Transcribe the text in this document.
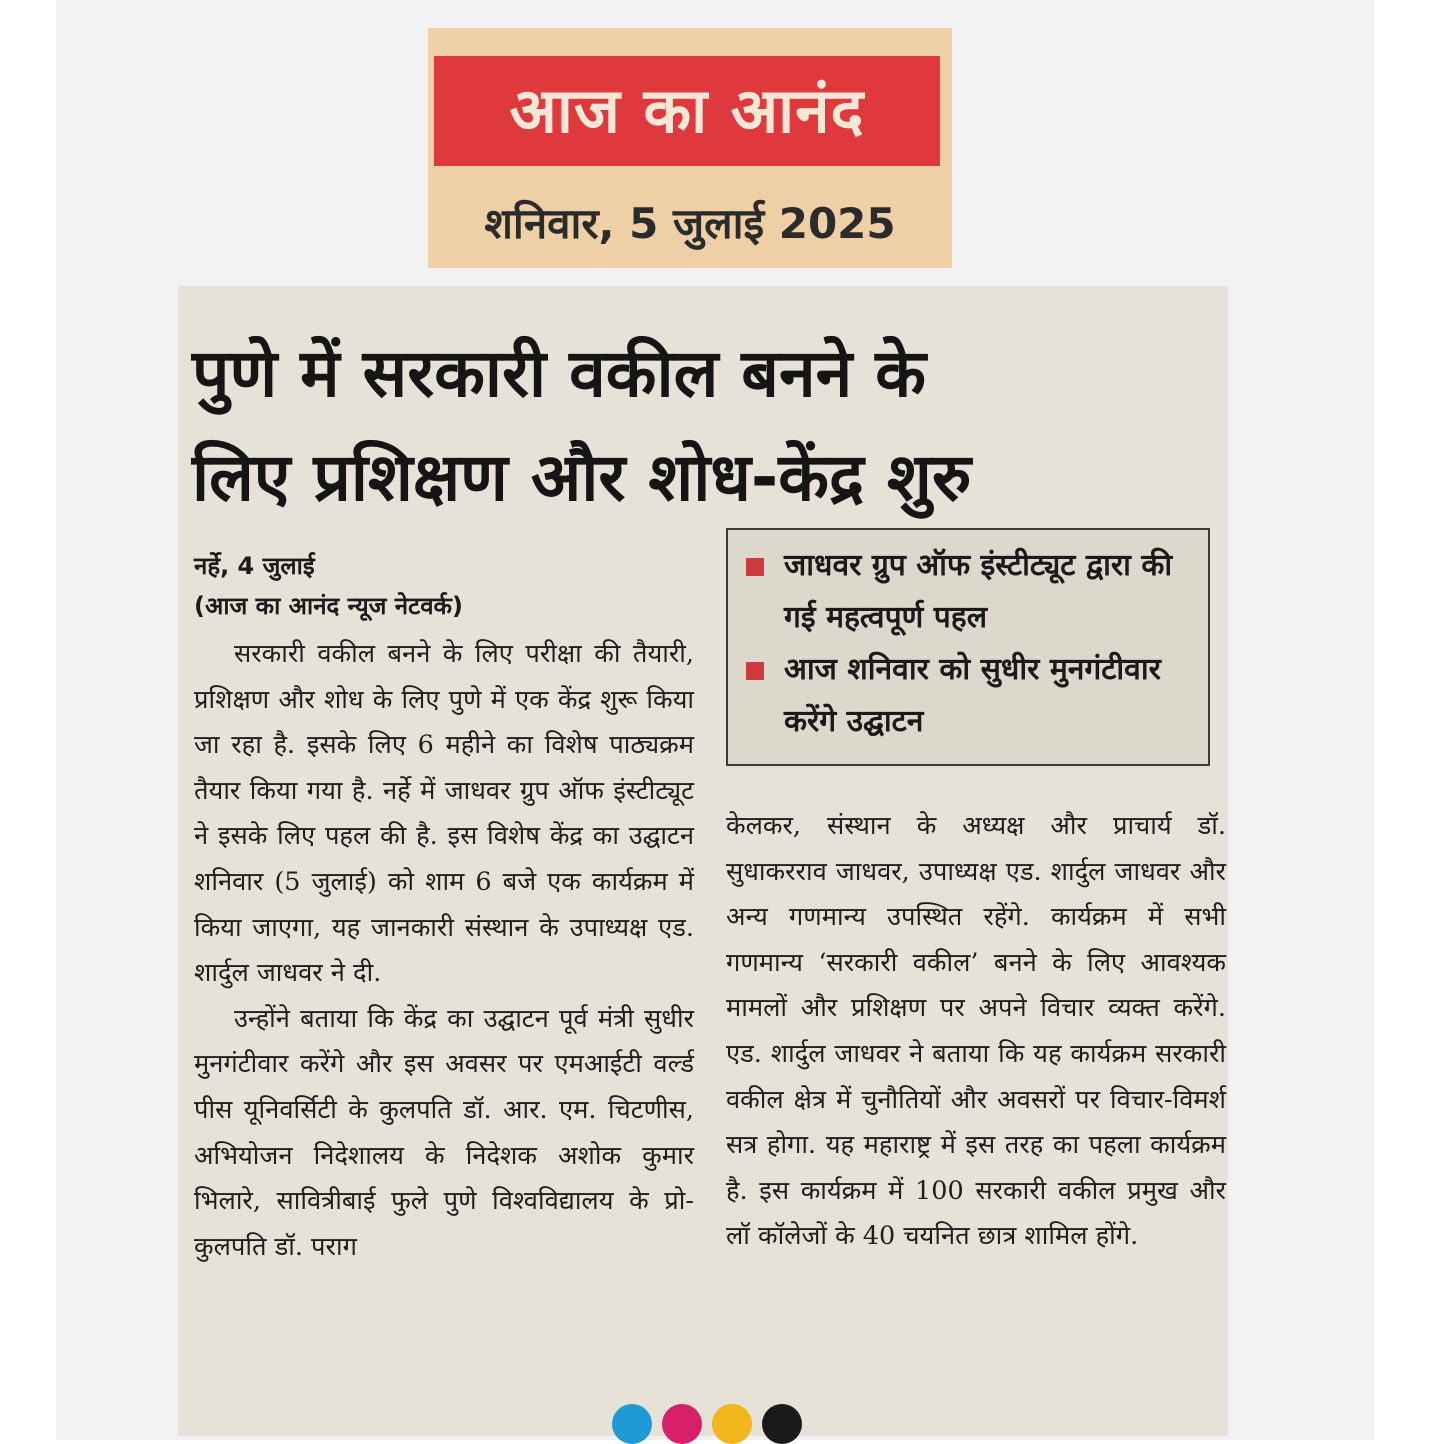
आज का आनंद
शनिवार, 5 जुलाई 2025
पुणे में सरकारी वकील बनने के
लिए प्रशिक्षण और शोध-केंद्र शुरु
नर्हे, 4 जुलाई
(आज का आनंद न्यूज नेटवर्क)

सरकारी वकील बनने के लिए परीक्षा की तैयारी, प्रशिक्षण और शोध के लिए पुणे में एक केंद्र शुरू किया जा रहा है. इसके लिए 6 महीने का विशेष पाठ्यक्रम तैयार किया गया है. नर्हे में जाधवर ग्रुप ऑफ इंस्टीट्यूट ने इसके लिए पहल की है. इस विशेष केंद्र का उद्घाटन शनिवार (5 जुलाई) को शाम 6 बजे एक कार्यक्रम में किया जाएगा, यह जानकारी संस्थान के उपाध्यक्ष एड. शार्दुल जाधवर ने दी.

उन्होंने बताया कि केंद्र का उद्घाटन पूर्व मंत्री सुधीर मुनगंटीवार करेंगे और इस अवसर पर एमआईटी वर्ल्ड पीस यूनिवर्सिटी के कुलपति डॉ. आर. एम. चिटणीस, अभियोजन निदेशालय के निदेशक अशोक कुमार भिलारे, सावित्रीबाई फुले पुणे विश्वविद्यालय के प्रो-कुलपति डॉ. पराग

जाधवर ग्रुप ऑफ इंस्टीट्यूट द्वारा की गई महत्वपूर्ण पहल
आज शनिवार को सुधीर मुनगंटीवार करेंगे उद्घाटन

केलकर, संस्थान के अध्यक्ष और प्राचार्य डॉ. सुधाकरराव जाधवर, उपाध्यक्ष एड. शार्दुल जाधवर और अन्य गणमान्य उपस्थित रहेंगे. कार्यक्रम में सभी गणमान्य ‘सरकारी वकील’ बनने के लिए आवश्यक मामलों और प्रशिक्षण पर अपने विचार व्यक्त करेंगे. एड. शार्दुल जाधवर ने बताया कि यह कार्यक्रम सरकारी वकील क्षेत्र में चुनौतियों और अवसरों पर विचार-विमर्श सत्र होगा. यह महाराष्ट्र में इस तरह का पहला कार्यक्रम है. इस कार्यक्रम में 100 सरकारी वकील प्रमुख और लॉ कॉलेजों के 40 चयनित छात्र शामिल होंगे.
